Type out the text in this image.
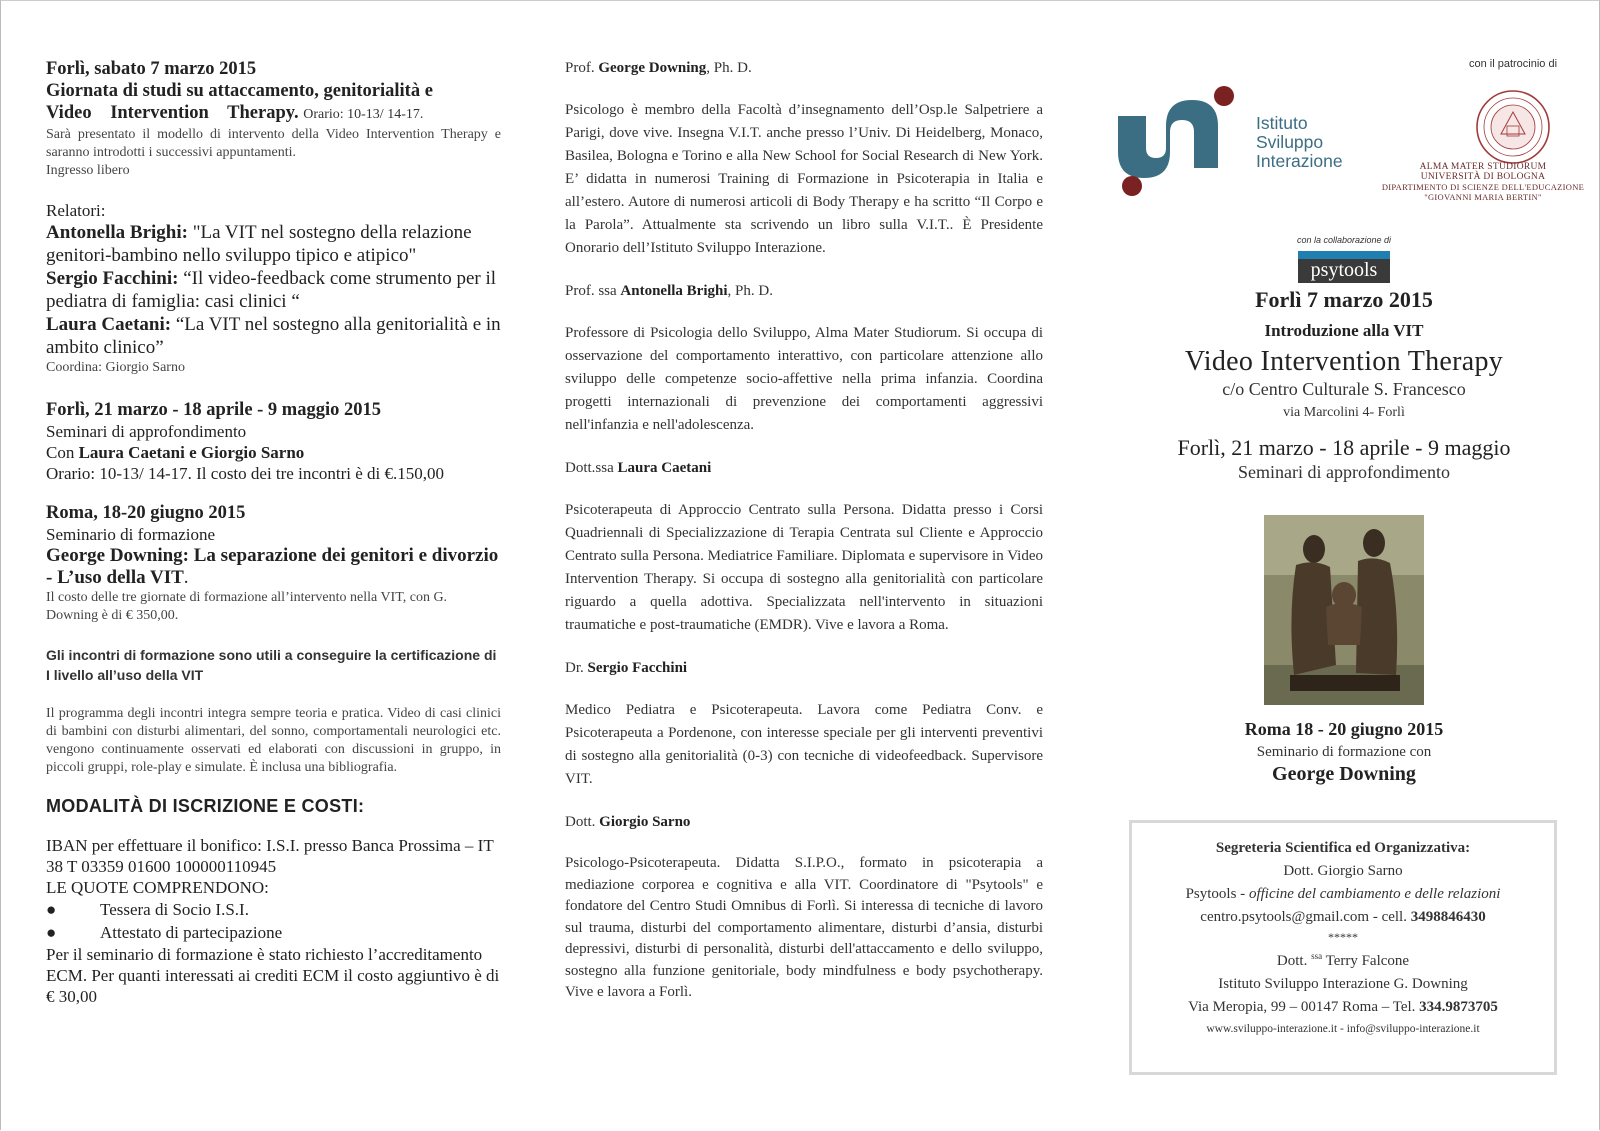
Forlì, sabato 7 marzo 2015

Giornata di studi su attaccamento, genitorialità e

Video Intervention Therapy. Orario: 10-13/ 14-17.

Sarà presentato il modello di intervento della Video Intervention Therapy e saranno introdotti i successivi appuntamenti.

Ingresso libero

Relatori:

Antonella Brighi: "La VIT nel sostegno della relazione genitori-bambino nello sviluppo tipico e atipico"

Sergio Facchini: “Il video-feedback come strumento per il pediatra di famiglia: casi clinici “

Laura Caetani: “La VIT nel sostegno alla genitorialità e in ambito clinico”

Coordina: Giorgio Sarno

Forlì, 21 marzo - 18 aprile - 9 maggio 2015

Seminari di approfondimento

Con Laura Caetani e Giorgio Sarno

Orario: 10-13/ 14-17. Il costo dei tre incontri è di €.150,00

Roma, 18-20 giugno 2015

Seminario di formazione

George Downing: La separazione dei genitori e divorzio - L’uso della VIT.

Il costo delle tre giornate di formazione all’intervento nella VIT, con G. Downing è di € 350,00.

Gli incontri di formazione sono utili a conseguire la certificazione di I livello all’uso della VIT

Il programma degli incontri integra sempre teoria e pratica. Video di casi clinici di bambini con disturbi alimentari, del sonno, comportamentali neurologici etc. vengono continuamente osservati ed elaborati con discussioni in gruppo, in piccoli gruppi, role-play e simulate. È inclusa una bibliografia.

MODALITÀ DI ISCRIZIONE E COSTI:

IBAN per effettuare il bonifico: I.S.I. presso Banca Prossima – IT 38 T 03359 01600 100000110945

LE QUOTE COMPRENDONO:

●	Tessera di Socio I.S.I.
●	Attestato di partecipazione

Per il seminario di formazione è stato richiesto l’accreditamento ECM. Per quanti interessati ai crediti ECM il costo aggiuntivo è di € 30,00

Prof. George Downing, Ph. D.

Psicologo è membro della Facoltà d’insegnamento dell’Osp.le Salpetriere a Parigi, dove vive. Insegna V.I.T. anche presso l’Univ. Di Heidelberg, Monaco, Basilea, Bologna e Torino e alla New School for Social Research di New York. E’ didatta in numerosi Training di Formazione in Psicoterapia in Italia e all’estero. Autore di numerosi articoli di Body Therapy e ha scritto “Il Corpo e la Parola”. Attualmente sta scrivendo un libro sulla V.I.T.. È Presidente Onorario dell’Istituto Sviluppo Interazione.

Prof. ssa Antonella Brighi, Ph. D.

Professore di Psicologia dello Sviluppo, Alma Mater Studiorum. Si occupa di osservazione del comportamento interattivo, con particolare attenzione allo sviluppo delle competenze socio-affettive nella prima infanzia. Coordina progetti internazionali di prevenzione dei comportamenti aggressivi nell'infanzia e nell'adolescenza.

Dott.ssa Laura Caetani

Psicoterapeuta di Approccio Centrato sulla Persona. Didatta presso i Corsi Quadriennali di Specializzazione di Terapia Centrata sul Cliente e Approccio Centrato sulla Persona. Mediatrice Familiare. Diplomata e supervisore in Video Intervention Therapy. Si occupa di sostegno alla genitorialità con particolare riguardo a quella adottiva. Specializzata nell'intervento in situazioni traumatiche e post-traumatiche (EMDR). Vive e lavora a Roma.

Dr. Sergio Facchini

Medico Pediatra e Psicoterapeuta. Lavora come Pediatra Conv. e Psicoterapeuta a Pordenone, con interesse speciale per gli interventi preventivi di sostegno alla genitorialità (0-3) con tecniche di videofeedback. Supervisore VIT.

Dott. Giorgio Sarno

Psicologo-Psicoterapeuta. Didatta S.I.P.O., formato in psicoterapia a mediazione corporea e cognitiva e alla VIT. Coordinatore di "Psytools" e fondatore del Centro Studi Omnibus di Forlì. Si interessa di tecniche di lavoro sul trauma, disturbi del comportamento alimentare, disturbi d’ansia, disturbi depressivi, disturbi di personalità, disturbi dell'attaccamento e dello sviluppo, sostegno alla funzione genitoriale, body mindfulness e body psychotherapy. Vive e lavora a Forlì.

Istituto
Sviluppo
Interazione
con il patrocinio di
ALMA MATER STUDIORUM
UNIVERSITÀ DI BOLOGNA
DIPARTIMENTO DI SCIENZE DELL'EDUCAZIONE
"GIOVANNI MARIA BERTIN"
con la collaborazione di
psytools
Forlì 7 marzo 2015
Introduzione alla VIT
Video Intervention Therapy
c/o Centro Culturale S. Francesco
via Marcolini 4- Forlì
Forlì, 21 marzo - 18 aprile - 9 maggio
Seminari di approfondimento
Roma 18 - 20 giugno 2015
Seminario di formazione con
George Downing
Segreteria Scientifica ed Organizzativa:
Dott. Giorgio Sarno
Psytools - officine del cambiamento e delle relazioni
centro.psytools@gmail.com - cell. 3498846430
*****
Dott. $^{ssa}$ Terry Falcone
Istituto Sviluppo Interazione G. Downing
Via Meropia, 99 – 00147 Roma – Tel. 334.9873705
www.sviluppo-interazione.it - info@sviluppo-interazione.it
